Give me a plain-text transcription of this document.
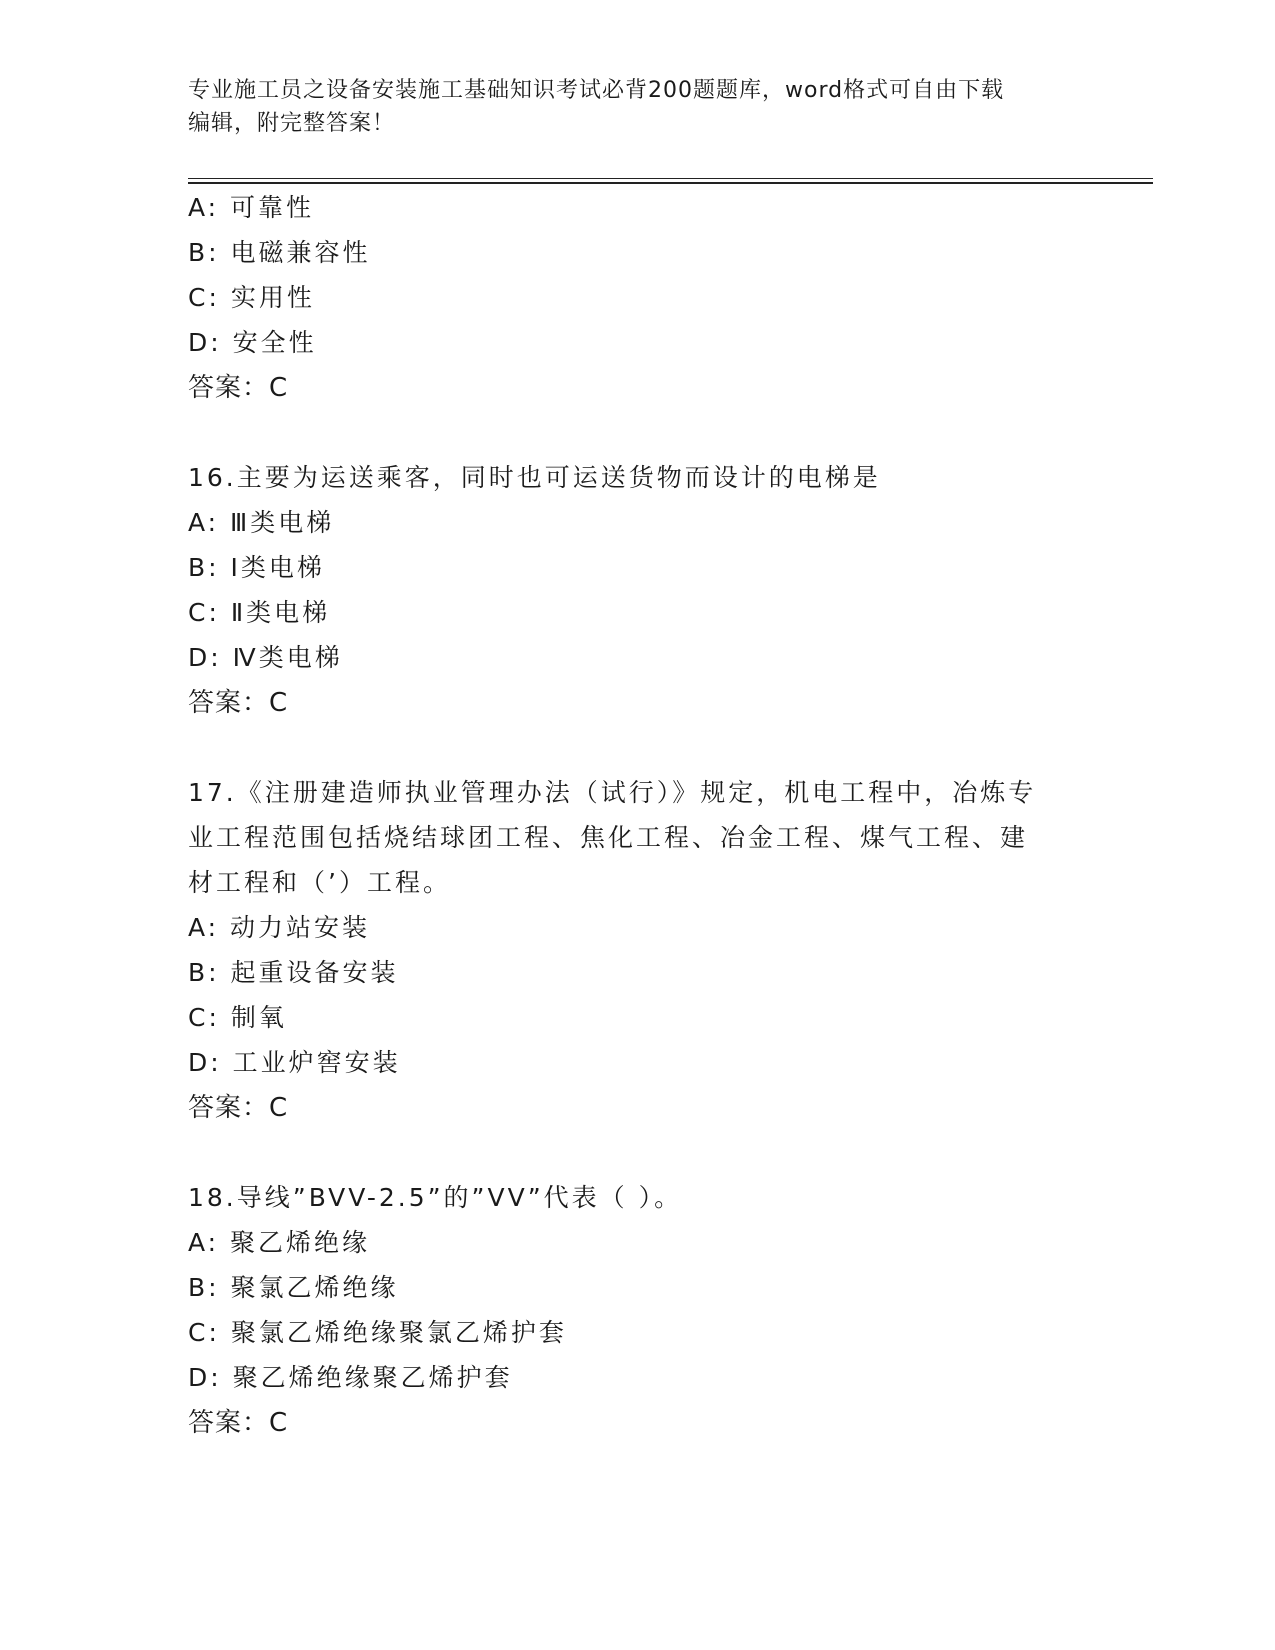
专业施工员之设备安装施工基础知识考试必背200题题库，word格式可自由下载
编辑，附完整答案！
A: 可靠性
B: 电磁兼容性
C: 实用性
D: 安全性
答案：C
16.主要为运送乘客，同时也可运送货物而设计的电梯是
A: Ⅲ类电梯
B: Ⅰ类电梯
C: Ⅱ类电梯
D: Ⅳ类电梯
答案：C
17.《注册建造师执业管理办法（试行）》规定，机电工程中，冶炼专
业工程范围包括烧结球团工程、焦化工程、冶金工程、煤气工程、建
材工程和（’）工程。
A: 动力站安装
B: 起重设备安装
C: 制氧
D: 工业炉窖安装
答案：C
18.导线”BVV-2.5”的”VV”代表（ ）。
A: 聚乙烯绝缘
B: 聚氯乙烯绝缘
C: 聚氯乙烯绝缘聚氯乙烯护套
D: 聚乙烯绝缘聚乙烯护套
答案：C
